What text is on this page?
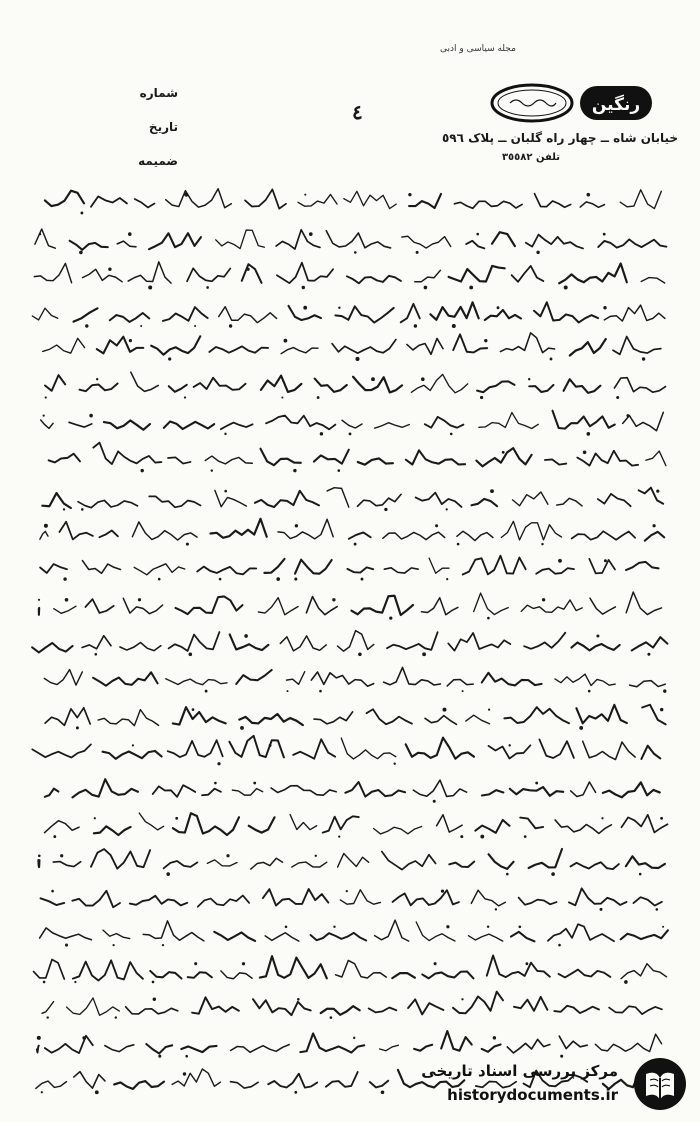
مجله سیاسی و ادبی
شماره
تاریخ
ضمیمه
٤	رنگین
خیابان شاه ــ چهار راه گلبان ــ پلاک ٥٩٦
تلفن ٣٥٥٨٢
مرکز بررسی اسناد تاریخی
historydocuments.ir
